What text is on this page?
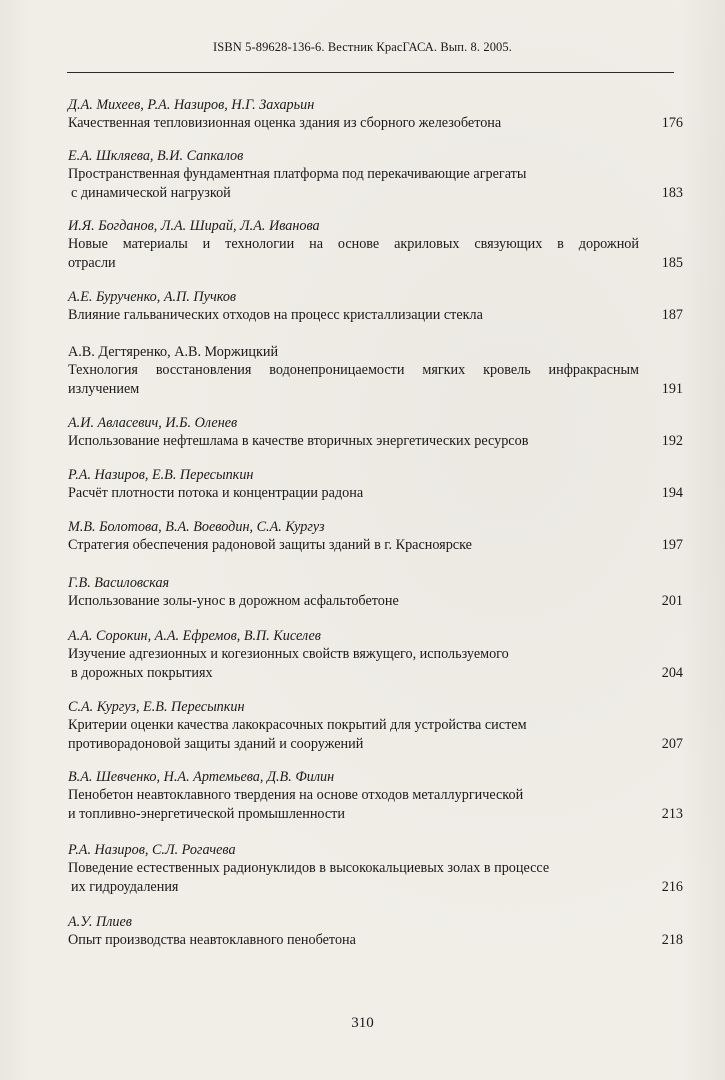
ISBN 5-89628-136-6. Вестник КрасГАСА. Вып. 8. 2005.
Д.А. Михеев, Р.А. Назиров, Н.Г. Захарьин
Качественная тепловизионная оценка здания из сборного железобетона	176
Е.А. Шкляева, В.И. Сапкалов
Пространственная фундаментная платформа под перекачивающие агрегаты
с динамической нагрузкой	183
И.Я. Богданов, Л.А. Ширай, Л.А. Иванова
Новые материалы и технологии на основе акриловых связующих в дорожной
отрасли	185
А.Е. Бурученко, А.П. Пучков
Влияние гальванических отходов на процесс кристаллизации стекла	187
А.В. Дегтяренко, А.В. Моржицкий
Технология восстановления водонепроницаемости мягких кровель инфракрасным
излучением	191
А.И. Авласевич, И.Б. Оленев
Использование нефтешлама в качестве вторичных энергетических ресурсов	192
Р.А. Назиров, Е.В. Пересыпкин
Расчёт плотности потока и концентрации радона	194
М.В. Болотова, В.А. Воеводин, С.А. Кургуз
Стратегия обеспечения радоновой защиты зданий в г. Красноярске	197
Г.В. Василовская
Использование золы-унос в дорожном асфальтобетоне	201
А.А. Сорокин, А.А. Ефремов, В.П. Киселев
Изучение адгезионных и когезионных свойств вяжущего, используемого
в дорожных покрытиях	204
С.А. Кургуз, Е.В. Пересыпкин
Критерии оценки качества лакокрасочных покрытий для устройства систем
противорадоновой защиты зданий и сооружений	207
В.А. Шевченко, Н.А. Артемьева, Д.В. Филин
Пенобетон неавтоклавного твердения на основе отходов металлургической
и топливно-энергетической промышленности	213
Р.А. Назиров, С.Л. Рогачева
Поведение естественных радионуклидов в высококальциевых золах в процессе
их гидроудаления	216
А.У. Плиев
Опыт производства неавтоклавного пенобетона	218
310
